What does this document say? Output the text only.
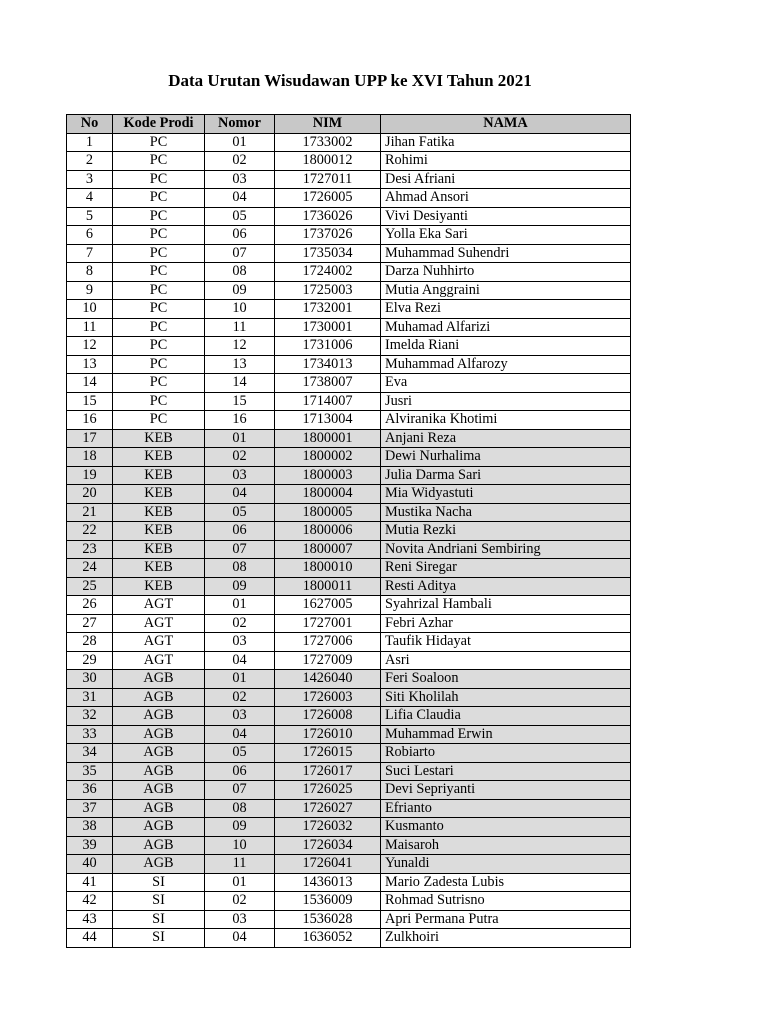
Data Urutan Wisudawan UPP ke XVI Tahun 2021
No	Kode Prodi	Nomor	NIM	NAMA
1	PC	01	1733002	Jihan Fatika
2	PC	02	1800012	Rohimi
3	PC	03	1727011	Desi Afriani
4	PC	04	1726005	Ahmad Ansori
5	PC	05	1736026	Vivi Desiyanti
6	PC	06	1737026	Yolla Eka Sari
7	PC	07	1735034	Muhammad Suhendri
8	PC	08	1724002	Darza Nuhhirto
9	PC	09	1725003	Mutia Anggraini
10	PC	10	1732001	Elva Rezi
11	PC	11	1730001	Muhamad Alfarizi
12	PC	12	1731006	Imelda Riani
13	PC	13	1734013	Muhammad Alfarozy
14	PC	14	1738007	Eva
15	PC	15	1714007	Jusri
16	PC	16	1713004	Alviranika Khotimi
17	KEB	01	1800001	Anjani Reza
18	KEB	02	1800002	Dewi Nurhalima
19	KEB	03	1800003	Julia Darma Sari
20	KEB	04	1800004	Mia Widyastuti
21	KEB	05	1800005	Mustika Nacha
22	KEB	06	1800006	Mutia Rezki
23	KEB	07	1800007	Novita Andriani Sembiring
24	KEB	08	1800010	Reni Siregar
25	KEB	09	1800011	Resti Aditya
26	AGT	01	1627005	Syahrizal Hambali
27	AGT	02	1727001	Febri Azhar
28	AGT	03	1727006	Taufik Hidayat
29	AGT	04	1727009	Asri
30	AGB	01	1426040	Feri Soaloon
31	AGB	02	1726003	Siti Kholilah
32	AGB	03	1726008	Lifia Claudia
33	AGB	04	1726010	Muhammad Erwin
34	AGB	05	1726015	Robiarto
35	AGB	06	1726017	Suci Lestari
36	AGB	07	1726025	Devi Sepriyanti
37	AGB	08	1726027	Efrianto
38	AGB	09	1726032	Kusmanto
39	AGB	10	1726034	Maisaroh
40	AGB	11	1726041	Yunaldi
41	SI	01	1436013	Mario Zadesta Lubis
42	SI	02	1536009	Rohmad Sutrisno
43	SI	03	1536028	Apri Permana Putra
44	SI	04	1636052	Zulkhoiri
